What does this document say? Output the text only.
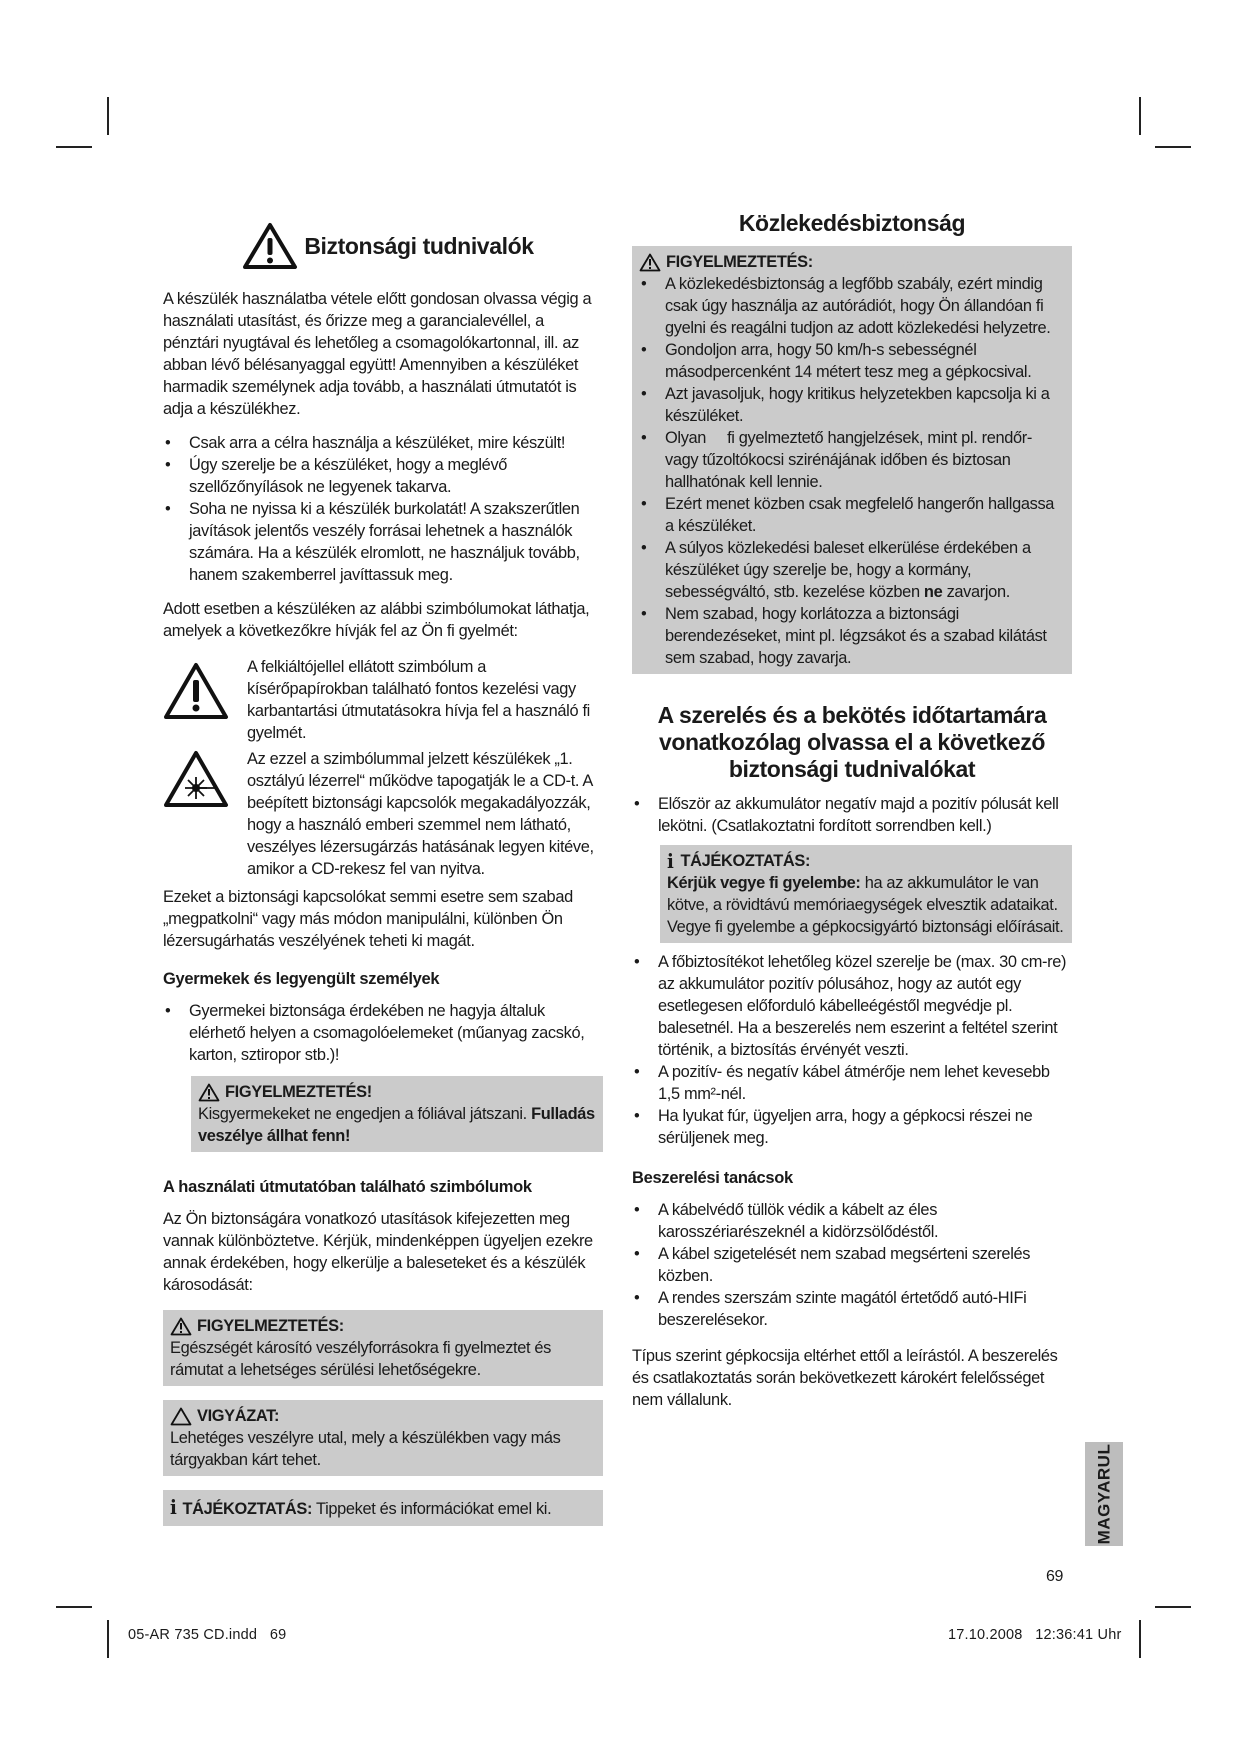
Biztonsági tudnivalók

A készülék használatba vétele előtt gondosan olvassa végig a használati utasítást, és őrizze meg a garancialevéllel, a pénztári nyugtával és lehetőleg a csomagolókartonnal, ill. az abban lévő bélésanyaggal együtt! Amennyiben a készüléket harmadik személynek adja tovább, a használati útmutatót is adja a készülékhez.

• Csak arra a célra használja a készüléket, mire készült!
• Úgy szerelje be a készüléket, hogy a meglévő szellőzőnyílások ne legyenek takarva.
• Soha ne nyissa ki a készülék burkolatát! A szakszerűtlen javítások jelentős veszély forrásai lehetnek a használók számára. Ha a készülék elromlott, ne használjuk tovább, hanem szakemberrel javíttassuk meg.

Adott esetben a készüléken az alábbi szimbólumokat láthatja, amelyek a következőkre hívják fel az Ön fi gyelmét:

A felkiáltójellel ellátott szimbólum a kísérőpapírokban található fontos kezelési vagy karbantartási útmutatásokra hívja fel a használó fi gyelmét.

Az ezzel a szimbólummal jelzett készülékek „1. osztályú lézerrel“ működve tapogatják le a CD-t. A beépített biztonsági kapcsolók megakadályozzák, hogy a használó emberi szemmel nem látható, veszélyes lézersugárzás hatásának legyen kitéve, amikor a CD-rekesz fel van nyitva.

Ezeket a biztonsági kapcsolókat semmi esetre sem szabad „megpatkolni“ vagy más módon manipulálni, különben Ön lézersugárhatás veszélyének teheti ki magát.

Gyermekek és legyengült személyek
• Gyermekei biztonsága érdekében ne hagyja általuk elérhető helyen a csomagolóelemeket (műanyag zacskó, karton, sztiropor stb.)!
FIGYELMEZTETÉS!

Kisgyermekeket ne engedjen a fóliával játszani. Fulladás veszélye állhat fenn!

A használati útmutatóban található szimbólumok

Az Ön biztonságára vonatkozó utasítások kifejezetten meg vannak különböztetve. Kérjük, mindenképpen ügyeljen ezekre annak érdekében, hogy elkerülje a baleseteket és a készülék károsodását:

FIGYELMEZTETÉS:

Egészségét károsító veszélyforrásokra fi gyelmeztet és rámutat a lehetséges sérülési lehetőségekre.

VIGYÁZAT:

Lehetéges veszélyre utal, mely a készülékben vagy más tárgyakban kárt tehet.

i TÁJÉKOZTATÁS: Tippeket és információkat emel ki.
Közlekedésbiztonság
FIGYELMEZTETÉS:
• A közlekedésbiztonság a legfőbb szabály, ezért mindig csak úgy használja az autórádiót, hogy Ön állandóan fi gyelni és reagálni tudjon az adott közlekedési helyzetre.
• Gondoljon arra, hogy 50 km/h-s sebességnél másodpercenként 14 métert tesz meg a gépkocsival.
• Azt javasoljuk, hogy kritikus helyzetekben kapcsolja ki a készüléket.
• Olyan     fi gyelmeztető hangjelzések, mint pl. rendőr- vagy tűzoltókocsi szirénájának időben és biztosan hallhatónak kell lennie.
• Ezért menet közben csak megfelelő hangerőn hallgassa a készüléket.
• A súlyos közlekedési baleset elkerülése érdekében a készüléket úgy szerelje be, hogy a kormány, sebességváltó, stb. kezelése közben ne zavarjon.
• Nem szabad, hogy korlátozza a biztonsági berendezéseket, mint pl. légzsákot és a szabad kilátást sem szabad, hogy zavarja.
A szerelés és a bekötés időtartamára vonatkozólag olvassa el a következő biztonsági tudnivalókat
• Először az akkumulátor negatív majd a pozitív pólusát kell lekötni. (Csatlakoztatni fordított sorrendben kell.)
i TÁJÉKOZTATÁS:

Kérjük vegye fi gyelembe: ha az akkumulátor le van kötve, a rövidtávú memóriaegységek elvesztik adataikat. Vegye fi gyelembe a gépkocsigyártó biztonsági előírásait.

• A főbiztosítékot lehetőleg közel szerelje be (max. 30 cm-re) az akkumulátor pozitív pólusához, hogy az autót egy esetlegesen előforduló kábelleégéstől megvédje pl. balesetnél. Ha a beszerelés nem eszerint a feltétel szerint történik, a biztosítás érvényét veszti.
• A pozitív- és negatív kábel átmérője nem lehet kevesebb 1,5 mm²-nél.
• Ha lyukat fúr, ügyeljen arra, hogy a gépkocsi részei ne sérüljenek meg.
Beszerelési tanácsok
• A kábelvédő tüllök védik a kábelt az éles karosszériarészeknél a kidörzsölődéstől.
• A kábel szigetelését nem szabad megsérteni szerelés közben.
• A rendes szerszám szinte magától értetődő autó-HIFi beszerelésekor.

Típus szerint gépkocsija eltérhet ettől a leírástól. A beszerelés és csatlakoztatás során bekövetkezett károkért felelősséget nem vállalunk.

MAGYARUL
69
05-AR 735 CD.indd   69	17.10.2008   12:36:41 Uhr
